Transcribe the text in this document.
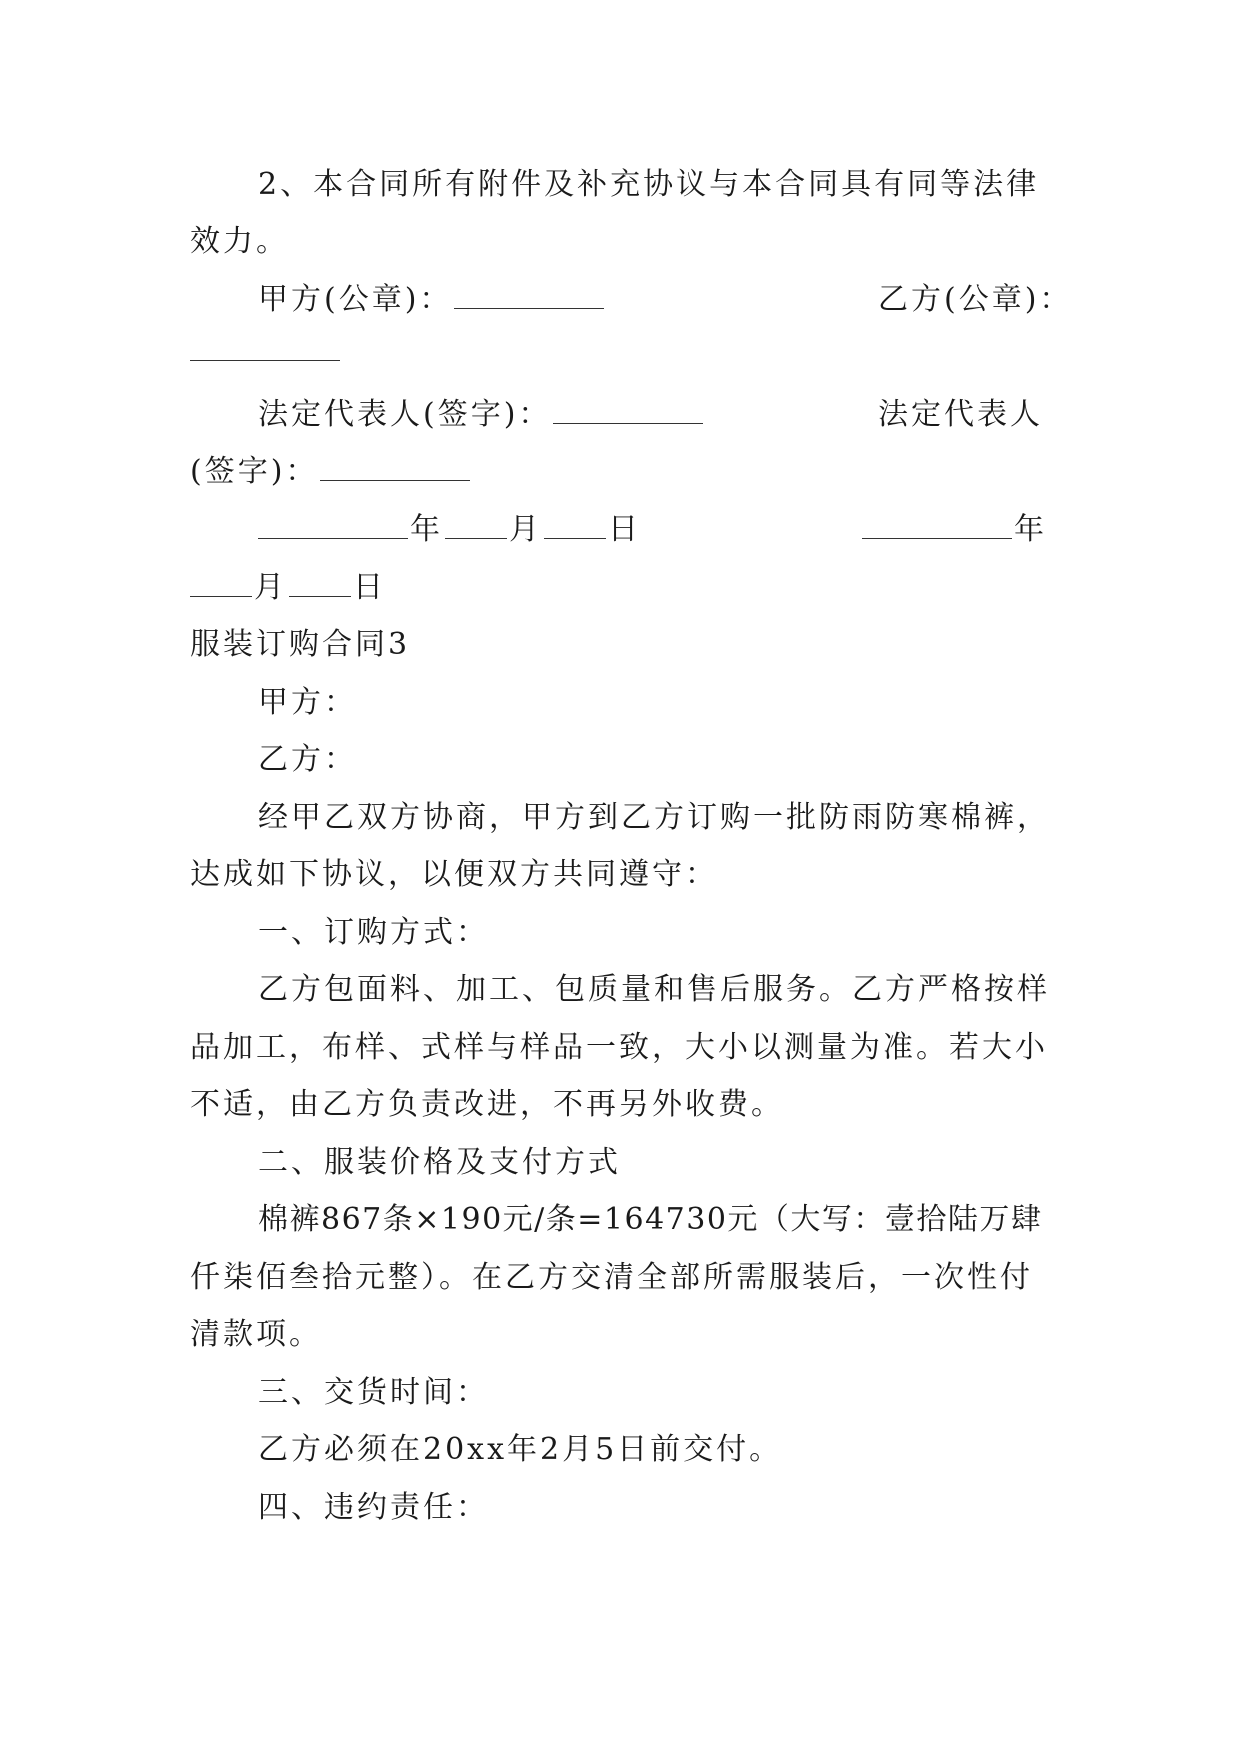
2、本合同所有附件及补充协议与本合同具有同等法律
效力。
甲方(公章)：	乙方(公章)：
法定代表人(签字)：	法定代表人
(签字)：
年 月 日	年
月 日
服装订购合同3
甲方：
乙方：
经甲乙双方协商，甲方到乙方订购一批防雨防寒棉裤，
达成如下协议，以便双方共同遵守：
一、订购方式：
乙方包面料、加工、包质量和售后服务。乙方严格按样
品加工，布样、式样与样品一致，大小以测量为准。若大小
不适，由乙方负责改进，不再另外收费。
二、服装价格及支付方式
棉裤867条×190元/条=164730元（大写：壹拾陆万肆
仟柒佰叁拾元整）。在乙方交清全部所需服装后，一次性付
清款项。
三、交货时间：
乙方必须在20xx年2月5日前交付。
四、违约责任：
